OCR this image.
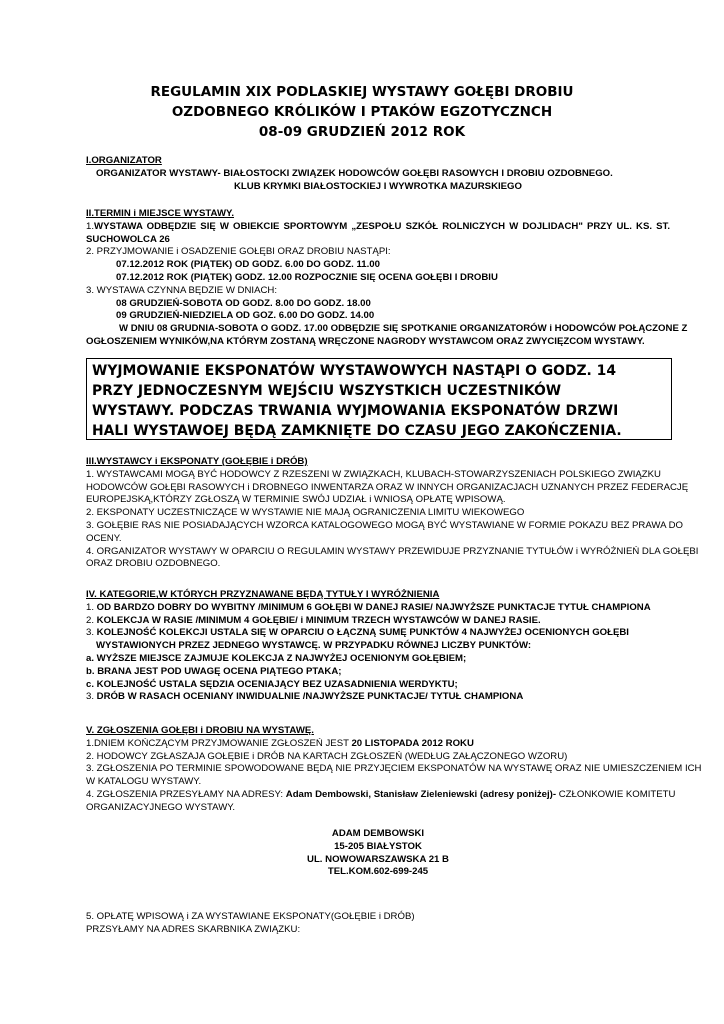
REGULAMIN XIX PODLASKIEJ WYSTAWY GOŁĘBI DROBIU
OZDOBNEGO KRÓLIKÓW I PTAKÓW EGZOTYCZNCH
08-09 GRUDZIEŃ 2012 ROK
I.ORGANIZATOR
ORGANIZATOR WYSTAWY- BIAŁOSTOCKI ZWIĄZEK HODOWCÓW GOŁĘBI RASOWYCH I DROBIU OZDOBNEGO.
KLUB KRYMKI BIAŁOSTOCKIEJ I WYWROTKA MAZURSKIEGO
II.TERMIN i MIEJSCE WYSTAWY.
1.WYSTAWA ODBĘDZIE SIĘ W OBIEKCIE SPORTOWYM „ZESPOŁU SZKÓŁ ROLNICZYCH W DOJLIDACH" PRZY UL. KS. ST.
SUCHOWOLCA 26
2. PRZYJMOWANIE i OSADZENIE GOŁĘBI ORAZ DROBIU NASTĄPI:
07.12.2012 ROK (PIĄTEK) OD GODZ. 6.00 DO GODZ. 11.00
07.12.2012 ROK (PIĄTEK) GODZ. 12.00 ROZPOCZNIE SIĘ OCENA GOŁĘBI I DROBIU
3. WYSTAWA CZYNNA BĘDZIE W DNIACH:
08 GRUDZIEŃ-SOBOTA OD GODZ. 8.00 DO GODZ. 18.00
09 GRUDZIEŃ-NIEDZIELA OD GOZ. 6.00 DO GODZ. 14.00
W DNIU 08 GRUDNIA-SOBOTA O GODZ. 17.00 ODBĘDZIE SIĘ SPOTKANIE ORGANIZATORÓW i HODOWCÓW POŁĄCZONE Z
OGŁOSZENIEM WYNIKÓW,NA KTÓRYM ZOSTANĄ WRĘCZONE NAGRODY WYSTAWCOM ORAZ ZWYCIĘZCOM WYSTAWY.
WYJMOWANIE EKSPONATÓW WYSTAWOWYCH NASTĄPI O GODZ. 14
PRZY JEDNOCZESNYM WEJŚCIU WSZYSTKICH UCZESTNIKÓW
WYSTAWY. PODCZAS TRWANIA WYJMOWANIA EKSPONATÓW DRZWI
HALI WYSTAWOEJ BĘDĄ ZAMKNIĘTE DO CZASU JEGO ZAKOŃCZENIA.
III.WYSTAWCY i EKSPONATY (GOŁĘBIE i DRÓB)
1. WYSTAWCAMI MOGĄ BYĆ HODOWCY Z RZESZENI W ZWIĄZKACH, KLUBACH-STOWARZYSZENIACH POLSKIEGO ZWIĄZKU
HODOWCÓW GOŁĘBI RASOWYCH i DROBNEGO INWENTARZA ORAZ W INNYCH ORGANIZACJACH UZNANYCH PRZEZ FEDERACJĘ
EUROPEJSKĄ,KTÓRZY ZGŁOSZĄ W TERMINIE SWÓJ UDZIAŁ i WNIOSĄ OPŁATĘ WPISOWĄ.
2. EKSPONATY UCZESTNICZĄCE W WYSTAWIE NIE MAJĄ OGRANICZENIA LIMITU WIEKOWEGO
3. GOŁĘBIE RAS NIE POSIADAJĄCYCH WZORCA KATALOGOWEGO MOGĄ BYĆ WYSTAWIANE W FORMIE POKAZU BEZ PRAWA DO
OCENY.
4. ORGANIZATOR WYSTAWY W OPARCIU O REGULAMIN WYSTAWY PRZEWIDUJE PRZYZNANIE TYTUŁÓW i WYRÓŻNIEŃ DLA GOŁĘBI
ORAZ DROBIU OZDOBNEGO.
IV. KATEGORIE,W KTÓRYCH PRZYZNAWANE BĘDĄ TYTUŁY I WYRÓŻNIENIA
1. OD BARDZO DOBRY DO WYBITNY /MINIMUM 6 GOŁĘBI W DANEJ RASIE/ NAJWYŻSZE PUNKTACJE TYTUŁ CHAMPIONA
2. KOLEKCJA W RASIE /MINIMUM 4 GOŁĘBIE/ i MINIMUM TRZECH WYSTAWCÓW W DANEJ RASIE.
3. KOLEJNOŚĆ KOLEKCJI USTALA SIĘ W OPARCIU O ŁĄCZNĄ SUMĘ PUNKTÓW 4 NAJWYŻEJ OCENIONYCH GOŁĘBI
WYSTAWIONYCH PRZEZ JEDNEGO WYSTAWCĘ. W PRZYPADKU RÓWNEJ LICZBY PUNKTÓW:
a. WYŻSZE MIEJSCE ZAJMUJE KOLEKCJA Z NAJWYŻEJ OCENIONYM GOŁĘBIEM;
b. BRANA JEST POD UWAGĘ OCENA PIĄTEGO PTAKA;
c. KOLEJNOŚĆ USTALA SĘDZIA OCENIAJĄCY BEZ UZASADNIENIA WERDYKTU;
3. DRÓB W RASACH OCENIANY INWIDUALNIE /NAJWYŻSZE PUNKTACJE/ TYTUŁ CHAMPIONA
V. ZGŁOSZENIA GOŁĘBI i DROBIU NA WYSTAWĘ.
1.DNIEM KOŃCZĄCYM PRZYJMOWANIE ZGŁOSZEŃ JEST 20 LISTOPADA 2012 ROKU
2. HODOWCY ZGŁASZAJA GOŁĘBIE i DRÓB NA KARTACH ZGŁOSZEŃ (WEDŁUG ZAŁĄCZONEGO WZORU)
3. ZGŁOSZENIA PO TERMINIE SPOWODOWANE BĘDĄ NIE PRZYJĘCIEM EKSPONATÓW NA WYSTAWĘ ORAZ NIE UMIESZCZENIEM ICH
W KATALOGU WYSTAWY.
4. ZGŁOSZENIA PRZESYŁAMY NA ADRESY: Adam Dembowski, Stanisław Zieleniewski (adresy poniżej)- CZŁONKOWIE KOMITETU
ORGANIZACYJNEGO WYSTAWY.
ADAM DEMBOWSKI
15-205 BIAŁYSTOK
UL. NOWOWARSZAWSKA 21 B
TEL.KOM.602-699-245
5. OPŁATĘ WPISOWĄ i ZA WYSTAWIANE EKSPONATY(GOŁĘBIE i DRÓB)
PRZSYŁAMY NA ADRES SKARBNIKA ZWIĄZKU:
